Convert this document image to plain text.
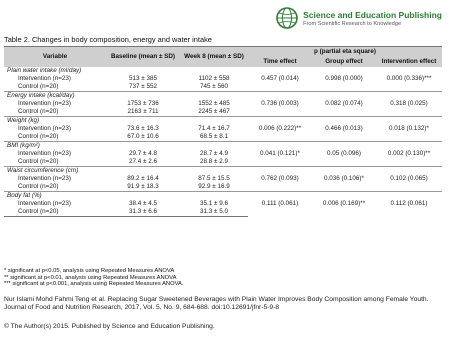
Science and Education Publishing
From Scientific Research to Knowledge
Table 2. Changes in body composition, energy and water intake
Variable	Baseline (mean ± SD)	Week 8 (mean ± SD)	p (partial eta square)		
			Time effect	Group effect	Intervention effect
Plain water intake (ml/day)			0.457 (0.014)	0.998 (0.000)	0.000 (0.336)***
Intervention (n=23)	513 ± 385	1102 ± 558			
Control (n=20)	737 ± 552	745 ± 560			
Energy intake (kcal/day)			0.736 (0.003)	0.082 (0.074)	0.318 (0.025)
Intervention (n=23)	1753 ± 736	1552 ± 485			
Control (n=20)	2163 ± 711	2245 ± 467			
Weight (kg)			0.006 (0.222)**	0.466 (0.013)	0.018 (0.132)*
Intervention (n=23)	73.6 ± 16.3	71.4 ± 16.7			
Control (n=20)	67.0 ± 10.6	68.5 ± 8.1			
BMI (kg/m²)			0.041 (0.121)*	0.05 (0.096)	0.002 (0.130)**
Intervention (n=23)	29.7 ± 4.8	28.7 ± 4.9			
Control (n=20)	27.4 ± 2.6	28.8 ± 2.9			
Waist circumference (cm)			0.762 (0.093)	0.036 (0.106)*	0.102 (0.065)
Intervention (n=23)	89.2 ± 16.4	87.5 ± 15.5			
Control (n=20)	91.9 ± 18.3	92.9 ± 16.9			
Body fat (%)			0.111 (0.061)	0.006 (0.169)**	0.112 (0.061)
Intervention (n=23)	38.4 ± 4.5	35.1 ± 9.6			
Control (n=20)	31.3 ± 6.6	31.3 ± 5.0			
* significant at p<0.05, analysis using Repeated Measures ANOVA
** significant at p<0.01, analysis using Repeated Measures ANOVA
*** significant at p<0.001, analysis using Repeated Measures ANOVA.
Nur Islami Mohd Fahmi Teng et al. Replacing Sugar Sweetened Beverages with Plain Water Improves Body Composition among Female Youth. Journal of Food and Nutrition Research, 2017, Vol. 5, No. 9, 684-688. doi:10.12691/jfnr-5-9-8
© The Author(s) 2015. Published by Science and Education Publishing.
